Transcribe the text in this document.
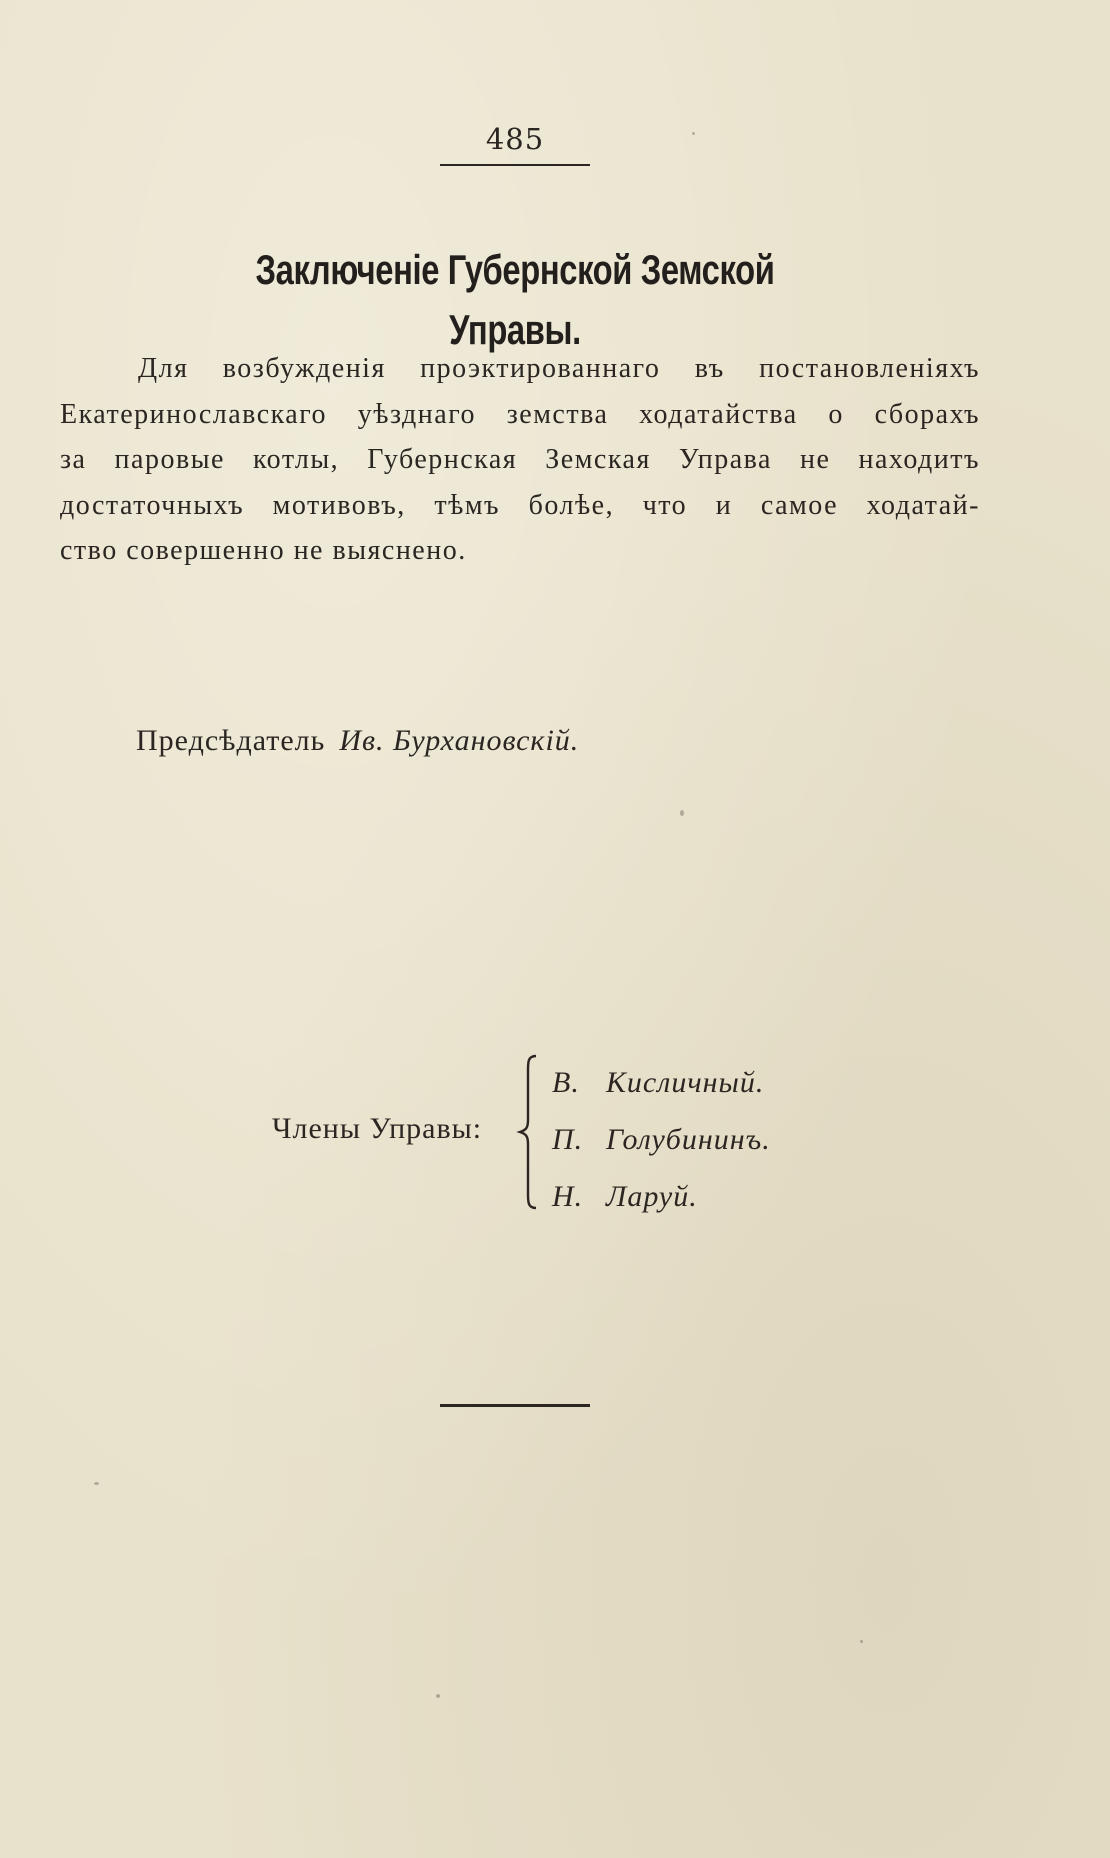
485
Заключеніе Губернской Земской Управы.
Для возбужденія проэктированнаго въ постановленіяхъ
Екатеринославскаго уѣзднаго земства ходатайства о сборахъ
за паровые котлы, Губернская Земская Управа не находитъ
достаточныхъ мотивовъ, тѣмъ болѣе, что и самое ходатай-
ство совершенно не выяснено.
Предсѣдатель Ив. Бурхановскій.
Члены Управы:
В. Кисличный.
П. Голубининъ.
Н. Ларуй.
